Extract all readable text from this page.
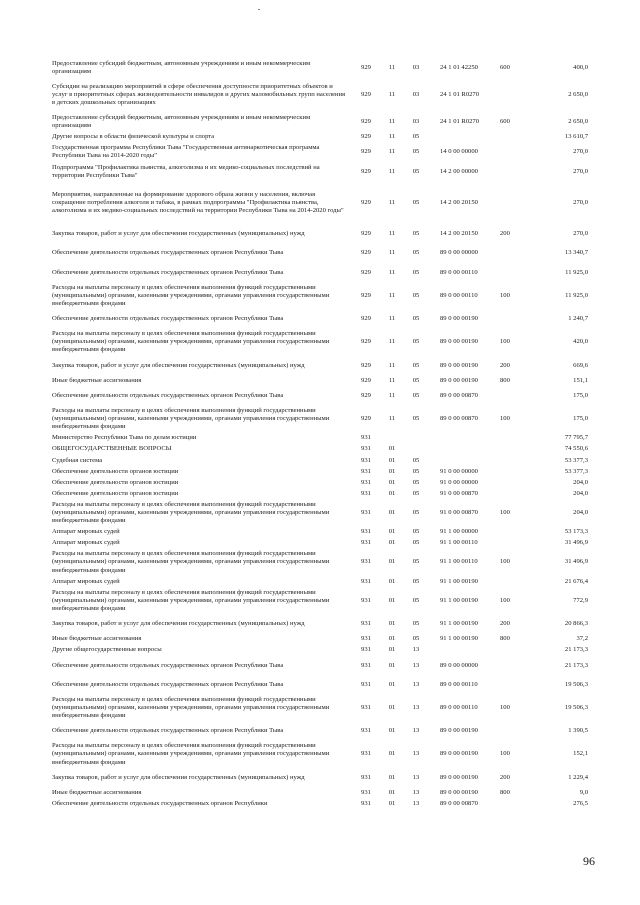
Предоставление субсидий бюджетным, автономным учреждениям и иным некоммерческим организациям
929	11	03	24 1 01 42250	600	400,0
Субсидии на реализацию мероприятий в сфере обеспечения доступности приоритетных объектов и услуг в приоритетных сферах жизнедеятельности инвалидов и других маломобильных групп населения в детских дошкольных организациях
929	11	03	24 1 01 R0270	2 650,0
Предоставление субсидий бюджетным, автономным учреждениям и иным некоммерческим организациям
929	11	03	24 1 01 R0270	600	2 650,0
Другие вопросы в области физической культуры и спорта	929	11	05	13 610,7
Государственная программа Республики Тыва "Государственная антинаркотическая программа Республики Тыва на 2014-2020 годы"
929	11	05	14 0 00 00000	270,0
Подпрограмма "Профилактика пьянства, алкоголизма и их медико-социальных последствий на территории Республики Тыва"
929	11	05	14 2 00 00000	270,0
Мероприятия, направленные на формирование здорового образа жизни у населения, включая сокращение потребления алкоголя и табака, в рамках подпрограммы "Профилактика пьянства, алкоголизма и их медико-социальных последствий на территории Республики Тыва на 2014-2020 годы"
929	11	05	14 2 00 20150	270,0
Закупка товаров, работ и услуг для обеспечения государственных (муниципальных) нужд	929	11	05	14 2 00 20150	200	270,0
Обеспечение деятельности отдельных государственных органов Республики Тыва	929	11	05	89 0 00 00000	13 340,7
Обеспечение деятельности отдельных государственных органов Республики Тыва	929	11	05	89 0 00 00110	11 925,0
Расходы на выплаты персоналу в целях обеспечения выполнения функций государственными (муниципальными) органами, казенными учреждениями, органами управления государственными внебюджетными фондами
929	11	05	89 0 00 00110	100	11 925,0
Обеспечение деятельности отдельных государственных органов Республики Тыва	929	11	05	89 0 00 00190	1 240,7
Расходы на выплаты персоналу в целях обеспечения выполнения функций государственными (муниципальными) органами, казенными учреждениями, органами управления государственными внебюджетными фондами
929	11	05	89 0 00 00190	100	420,0
Закупка товаров, работ и услуг для обеспечения государственных (муниципальных) нужд	929	11	05	89 0 00 00190	200	669,6
Иные бюджетные ассигнования	929	11	05	89 0 00 00190	800	151,1
Обеспечение деятельности отдельных государственных органов Республики Тыва	929	11	05	89 0 00 00870	175,0
Расходы на выплаты персоналу в целях обеспечения выполнения функций государственными (муниципальными) органами, казенными учреждениями, органами управления государственными внебюджетными фондами
929	11	05	89 0 00 00870	100	175,0
Министерство Республики Тыва по делам юстиции	931	77 795,7
ОБЩЕГОСУДАРСТВЕННЫЕ ВОПРОСЫ	931	01	74 550,6
Судебная система	931	01	05	53 377,3
Обеспечение деятельности органов юстиции	931	01	05	91 0 00 00000	53 377,3
Обеспечение деятельности органов юстиции	931	01	05	91 0 00 00000	204,0
Обеспечение деятельности органов юстиции	931	01	05	91 0 00 00870	204,0
Расходы на выплаты персоналу в целях обеспечения выполнения функций государственными (муниципальными) органами, казенными учреждениями, органами управления государственными внебюджетными фондами
931	01	05	91 0 00 00870	100	204,0
Аппарат мировых судей	931	01	05	91 1 00 00000	53 173,3
Аппарат мировых судей	931	01	05	91 1 00 00110	31 496,9
Расходы на выплаты персоналу в целях обеспечения выполнения функций государственными (муниципальными) органами, казенными учреждениями, органами управления государственными внебюджетными фондами
931	01	05	91 1 00 00110	100	31 496,9
Аппарат мировых судей	931	01	05	91 1 00 00190	21 676,4
Расходы на выплаты персоналу в целях обеспечения выполнения функций государственными (муниципальными) органами, казенными учреждениями, органами управления государственными внебюджетными фондами
931	01	05	91 1 00 00190	100	772,9
Закупка товаров, работ и услуг для обеспечения государственных (муниципальных) нужд	931	01	05	91 1 00 00190	200	20 866,3
Иные бюджетные ассигнования	931	01	05	91 1 00 00190	800	37,2
Другие общегосударственные вопросы	931	01	13	21 173,3
Обеспечение деятельности отдельных государственных органов Республики Тыва	931	01	13	89 0 00 00000	21 173,3
Обеспечение деятельности отдельных государственных органов Республики Тыва	931	01	13	89 0 00 00110	19 506,3
Расходы на выплаты персоналу в целях обеспечения выполнения функций государственными (муниципальными) органами, казенными учреждениями, органами управления государственными внебюджетными фондами
931	01	13	89 0 00 00110	100	19 506,3
Обеспечение деятельности отдельных государственных органов Республики Тыва	931	01	13	89 0 00 00190	1 390,5
Расходы на выплаты персоналу в целях обеспечения выполнения функций государственными (муниципальными) органами, казенными учреждениями, органами управления государственными внебюджетными фондами
931	01	13	89 0 00 00190	100	152,1
Закупка товаров, работ и услуг для обеспечения государственных (муниципальных) нужд	931	01	13	89 0 00 00190	200	1 229,4
Иные бюджетные ассигнования	931	01	13	89 0 00 00190	800	9,0
Обеспечение деятельности отдельных государственных органов Республики	931	01	13	89 0 00 00870	276,5
96
